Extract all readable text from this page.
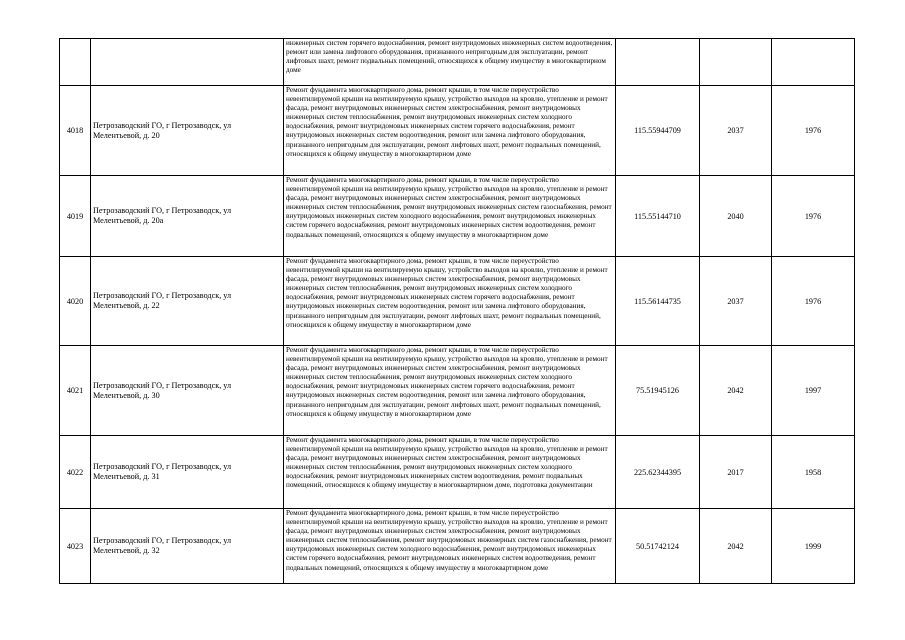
		инженерных систем горячего водоснабжения, ремонт внутридомовых инженерных систем водоотведения, ремонт или замена лифтового оборудования, признанного непригодным для эксплуатации, ремонт лифтовых шахт, ремонт подвальных помещений, относящихся к общему имуществу в многоквартирном доме			
4018	Петрозаводский ГО, г Петрозаводск, ул Мелентьевой, д. 20	Ремонт фундамента многоквартирного дома, ремонт крыши, в том числе переустройство невентилируемой крыши на вентилируемую крышу, устройство выходов на кровлю, утепление и ремонт фасада, ремонт внутридомовых инженерных систем электроснабжения, ремонт внутридомовых инженерных систем теплоснабжения, ремонт внутридомовых инженерных систем холодного водоснабжения, ремонт внутридомовых инженерных систем горячего водоснабжения, ремонт внутридомовых инженерных систем водоотведения, ремонт или замена лифтового оборудования, признанного непригодным для эксплуатации, ремонт лифтовых шахт, ремонт подвальных помещений, относящихся к общему имуществу в многоквартирном доме	115.55944709	2037	1976
4019	Петрозаводский ГО, г Петрозаводск, ул Мелентьевой, д. 20а	Ремонт фундамента многоквартирного дома, ремонт крыши, в том числе переустройство невентилируемой крыши на вентилируемую крышу, устройство выходов на кровлю, утепление и ремонт фасада, ремонт внутридомовых инженерных систем электроснабжения, ремонт внутридомовых инженерных систем теплоснабжения, ремонт внутридомовых инженерных систем газоснабжения, ремонт внутридомовых инженерных систем холодного водоснабжения, ремонт внутридомовых инженерных систем горячего водоснабжения, ремонт внутридомовых инженерных систем водоотведения, ремонт подвальных помещений, относящихся к общему имуществу в многоквартирном доме	115.55144710	2040	1976
4020	Петрозаводский ГО, г Петрозаводск, ул Мелентьевой, д. 22	Ремонт фундамента многоквартирного дома, ремонт крыши, в том числе переустройство невентилируемой крыши на вентилируемую крышу, устройство выходов на кровлю, утепление и ремонт фасада, ремонт внутридомовых инженерных систем электроснабжения, ремонт внутридомовых инженерных систем теплоснабжения, ремонт внутридомовых инженерных систем холодного водоснабжения, ремонт внутридомовых инженерных систем горячего водоснабжения, ремонт внутридомовых инженерных систем водоотведения, ремонт или замена лифтового оборудования, признанного непригодным для эксплуатации, ремонт лифтовых шахт, ремонт подвальных помещений, относящихся к общему имуществу в многоквартирном доме	115.56144735	2037	1976
4021	Петрозаводский ГО, г Петрозаводск, ул Мелентьевой, д. 30	Ремонт фундамента многоквартирного дома, ремонт крыши, в том числе переустройство невентилируемой крыши на вентилируемую крышу, устройство выходов на кровлю, утепление и ремонт фасада, ремонт внутридомовых инженерных систем электроснабжения, ремонт внутридомовых инженерных систем теплоснабжения, ремонт внутридомовых инженерных систем холодного водоснабжения, ремонт внутридомовых инженерных систем горячего водоснабжения, ремонт внутридомовых инженерных систем водоотведения, ремонт или замена лифтового оборудования, признанного непригодным для эксплуатации, ремонт лифтовых шахт, ремонт подвальных помещений, относящихся к общему имуществу в многоквартирном доме	75.51945126	2042	1997
4022	Петрозаводский ГО, г Петрозаводск, ул Мелентьевой, д. 31	Ремонт фундамента многоквартирного дома, ремонт крыши, в том числе переустройство невентилируемой крыши на вентилируемую крышу, устройство выходов на кровлю, утепление и ремонт фасада, ремонт внутридомовых инженерных систем электроснабжения, ремонт внутридомовых инженерных систем теплоснабжения, ремонт внутридомовых инженерных систем холодного водоснабжения, ремонт внутридомовых инженерных систем водоотведения, ремонт подвальных помещений, относящихся к общему имуществу в многоквартирном доме, подготовка документации	225.62344395	2017	1958
4023	Петрозаводский ГО, г Петрозаводск, ул Мелентьевой, д. 32	Ремонт фундамента многоквартирного дома, ремонт крыши, в том числе переустройство невентилируемой крыши на вентилируемую крышу, устройство выходов на кровлю, утепление и ремонт фасада, ремонт внутридомовых инженерных систем электроснабжения, ремонт внутридомовых инженерных систем теплоснабжения, ремонт внутридомовых инженерных систем газоснабжения, ремонт внутридомовых инженерных систем холодного водоснабжения, ремонт внутридомовых инженерных систем горячего водоснабжения, ремонт внутридомовых инженерных систем водоотведения, ремонт подвальных помещений, относящихся к общему имуществу в многоквартирном доме	50.51742124	2042	1999
